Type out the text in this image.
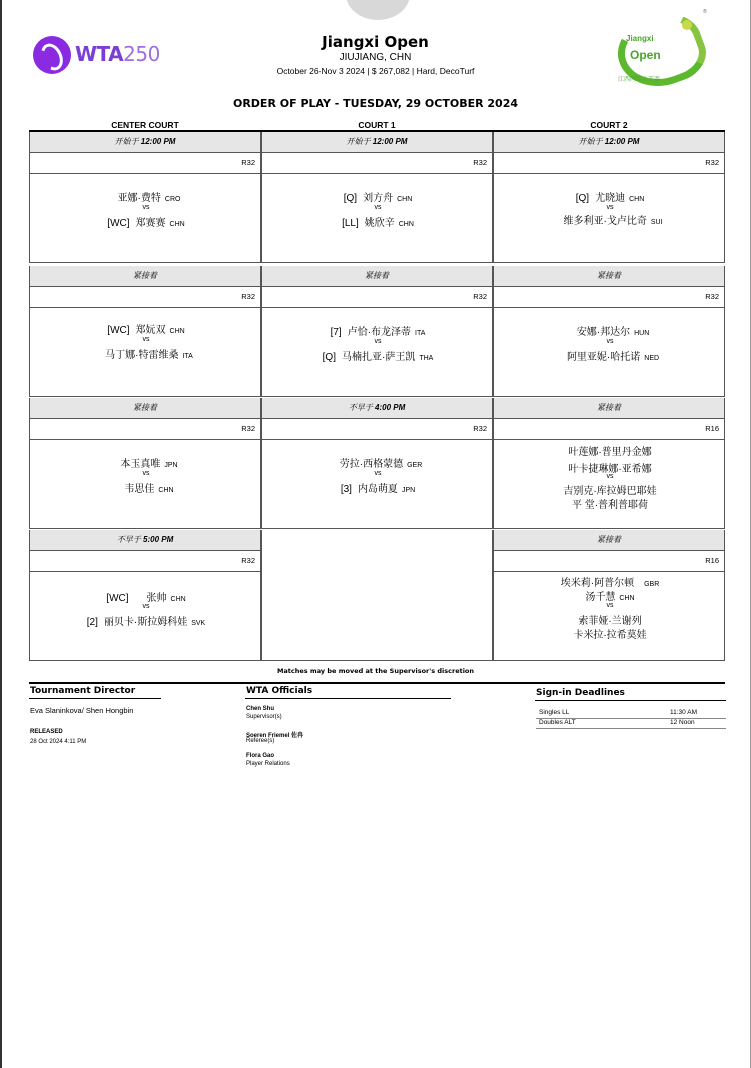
WTA250	Jiangxi Open
JIUJIANG, CHN
October 26-Nov 3 2024 | $ 267,082 | Hard, DecoTurf
Jiangxi
Open
江西网球公开赛
®
ORDER OF PLAY - TUESDAY, 29 OCTOBER 2024
CENTER COURT	COURT 1	COURT 2
开始于 12:00 PM
R32
亚娜·费特 CRO
vs
[WC] 郑赛赛 CHN
紧接着
R32
[WC] 郑妧双 CHN
vs
马丁娜·特雷维桑 ITA
紧接着
R32
本玉真唯 JPN
vs
韦思佳 CHN
不早于 5:00 PM
R32
[WC] 张帅 CHN
vs
[2] 丽贝卡·斯拉姆科娃 SVK
开始于 12:00 PM
R32
[Q] 刘方舟 CHN
vs
[LL] 姚欣辛 CHN
紧接着
R32
[7] 卢恰·布龙泽蒂 ITA
vs
[Q] 马楠扎亚·萨王凯 THA
不早于 4:00 PM
R32
劳拉·西格蒙德 GER
vs
[3] 内岛萌夏 JPN
开始于 12:00 PM
R32
[Q] 尤晓迪 CHN
vs
维多利亚·戈卢比奇 SUI
紧接着
R32
安娜·邦达尔 HUN
vs
阿里亚妮·哈托诺 NED
紧接着
R16
叶莲娜·普里丹金娜
叶卡捷琳娜·亚希娜
vs
吉别克·库拉姆巴耶娃
平 堂·普利普耶荷
紧接着
R16
埃米莉·阿普尔顿 GBR
汤千慧 CHN
vs
索菲娅·兰谢列
卡米拉·拉希莫娃
Matches may be moved at the Supervisor's discretion
Tournament Director
Eva Slaninkova/ Shen Hongbin
RELEASED
28 Oct 2024 4:11 PM
WTA Officials
Chen Shu
Supervisor(s)
Soeren Friemel 佐冉
Referee(s)
Flora Gao
Player Relations
Sign-in Deadlines
Singles LL	11:30 AM
Doubles ALT	12 Noon
